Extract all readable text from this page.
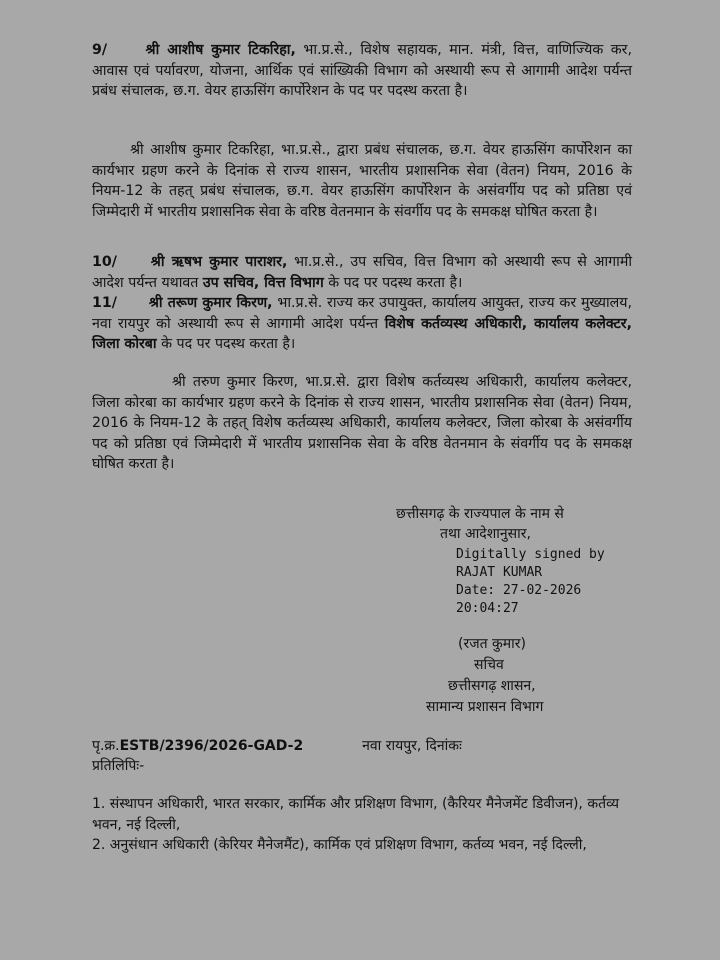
9/	श्री आशीष कुमार टिकरिहा, भा.प्र.से., विशेष सहायक, मान. मंत्री, वित्त, वाणिज्यिक कर, आवास एवं पर्यावरण, योजना, आर्थिक एवं सांख्यिकी विभाग को अस्थायी रूप से आगामी आदेश पर्यन्त प्रबंध संचालक, छ.ग. वेयर हाऊसिंग कार्पोरेशन के पद पर पदस्थ करता है।
श्री आशीष कुमार टिकरिहा, भा.प्र.से., द्वारा प्रबंध संचालक, छ.ग. वेयर हाऊसिंग कार्पोरेशन का कार्यभार ग्रहण करने के दिनांक से राज्य शासन, भारतीय प्रशासनिक सेवा (वेतन) नियम, 2016 के नियम-12 के तहत् प्रबंध संचालक, छ.ग. वेयर हाऊसिंग कार्पोरेशन के असंवर्गीय पद को प्रतिष्ठा एवं जिम्मेदारी में भारतीय प्रशासनिक सेवा के वरिष्ठ वेतनमान के संवर्गीय पद के समकक्ष घोषित करता है।
10/ श्री ऋषभ कुमार पाराशर, भा.प्र.से., उप सचिव, वित्त विभाग को अस्थायी रूप से आगामी आदेश पर्यन्त यथावत उप सचिव, वित्त विभाग के पद पर पदस्थ करता है।
11/ श्री तरूण कुमार किरण, भा.प्र.से. राज्य कर उपायुक्त, कार्यालय आयुक्त, राज्य कर मुख्यालय, नवा रायपुर को अस्थायी रूप से आगामी आदेश पर्यन्त विशेष कर्तव्यस्थ अधिकारी, कार्यालय कलेक्टर, जिला कोरबा के पद पर पदस्थ करता है।
श्री तरुण कुमार किरण, भा.प्र.से. द्वारा विशेष कर्तव्यस्थ अधिकारी, कार्यालय कलेक्टर, जिला कोरबा का कार्यभार ग्रहण करने के दिनांक से राज्य शासन, भारतीय प्रशासनिक सेवा (वेतन) नियम, 2016 के नियम-12 के तहत् विशेष कर्तव्यस्थ अधिकारी, कार्यालय कलेक्टर, जिला कोरबा के असंवर्गीय पद को प्रतिष्ठा एवं जिम्मेदारी में भारतीय प्रशासनिक सेवा के वरिष्ठ वेतनमान के संवर्गीय पद के समकक्ष घोषित करता है।
छत्तीसगढ़ के राज्यपाल के नाम से
तथा आदेशानुसार,
Digitally signed by
RAJAT KUMAR
Date: 27-02-2026
20:04:27
(रजत कुमार)
सचिव
छत्तीसगढ़ शासन,
सामान्य प्रशासन विभाग
पृ.क्र.ESTB/2396/2026-GAD-2	नवा रायपुर, दिनांकः
प्रतिलिपिः-
1. संस्थापन अधिकारी, भारत सरकार, कार्मिक और प्रशिक्षण विभाग, (कैरियर मैनेजमेंट डिवीजन), कर्तव्य भवन, नई दिल्ली,
2. अनुसंधान अधिकारी (केरियर मैनेजमैंट), कार्मिक एवं प्रशिक्षण विभाग, कर्तव्य भवन, नई दिल्ली,
